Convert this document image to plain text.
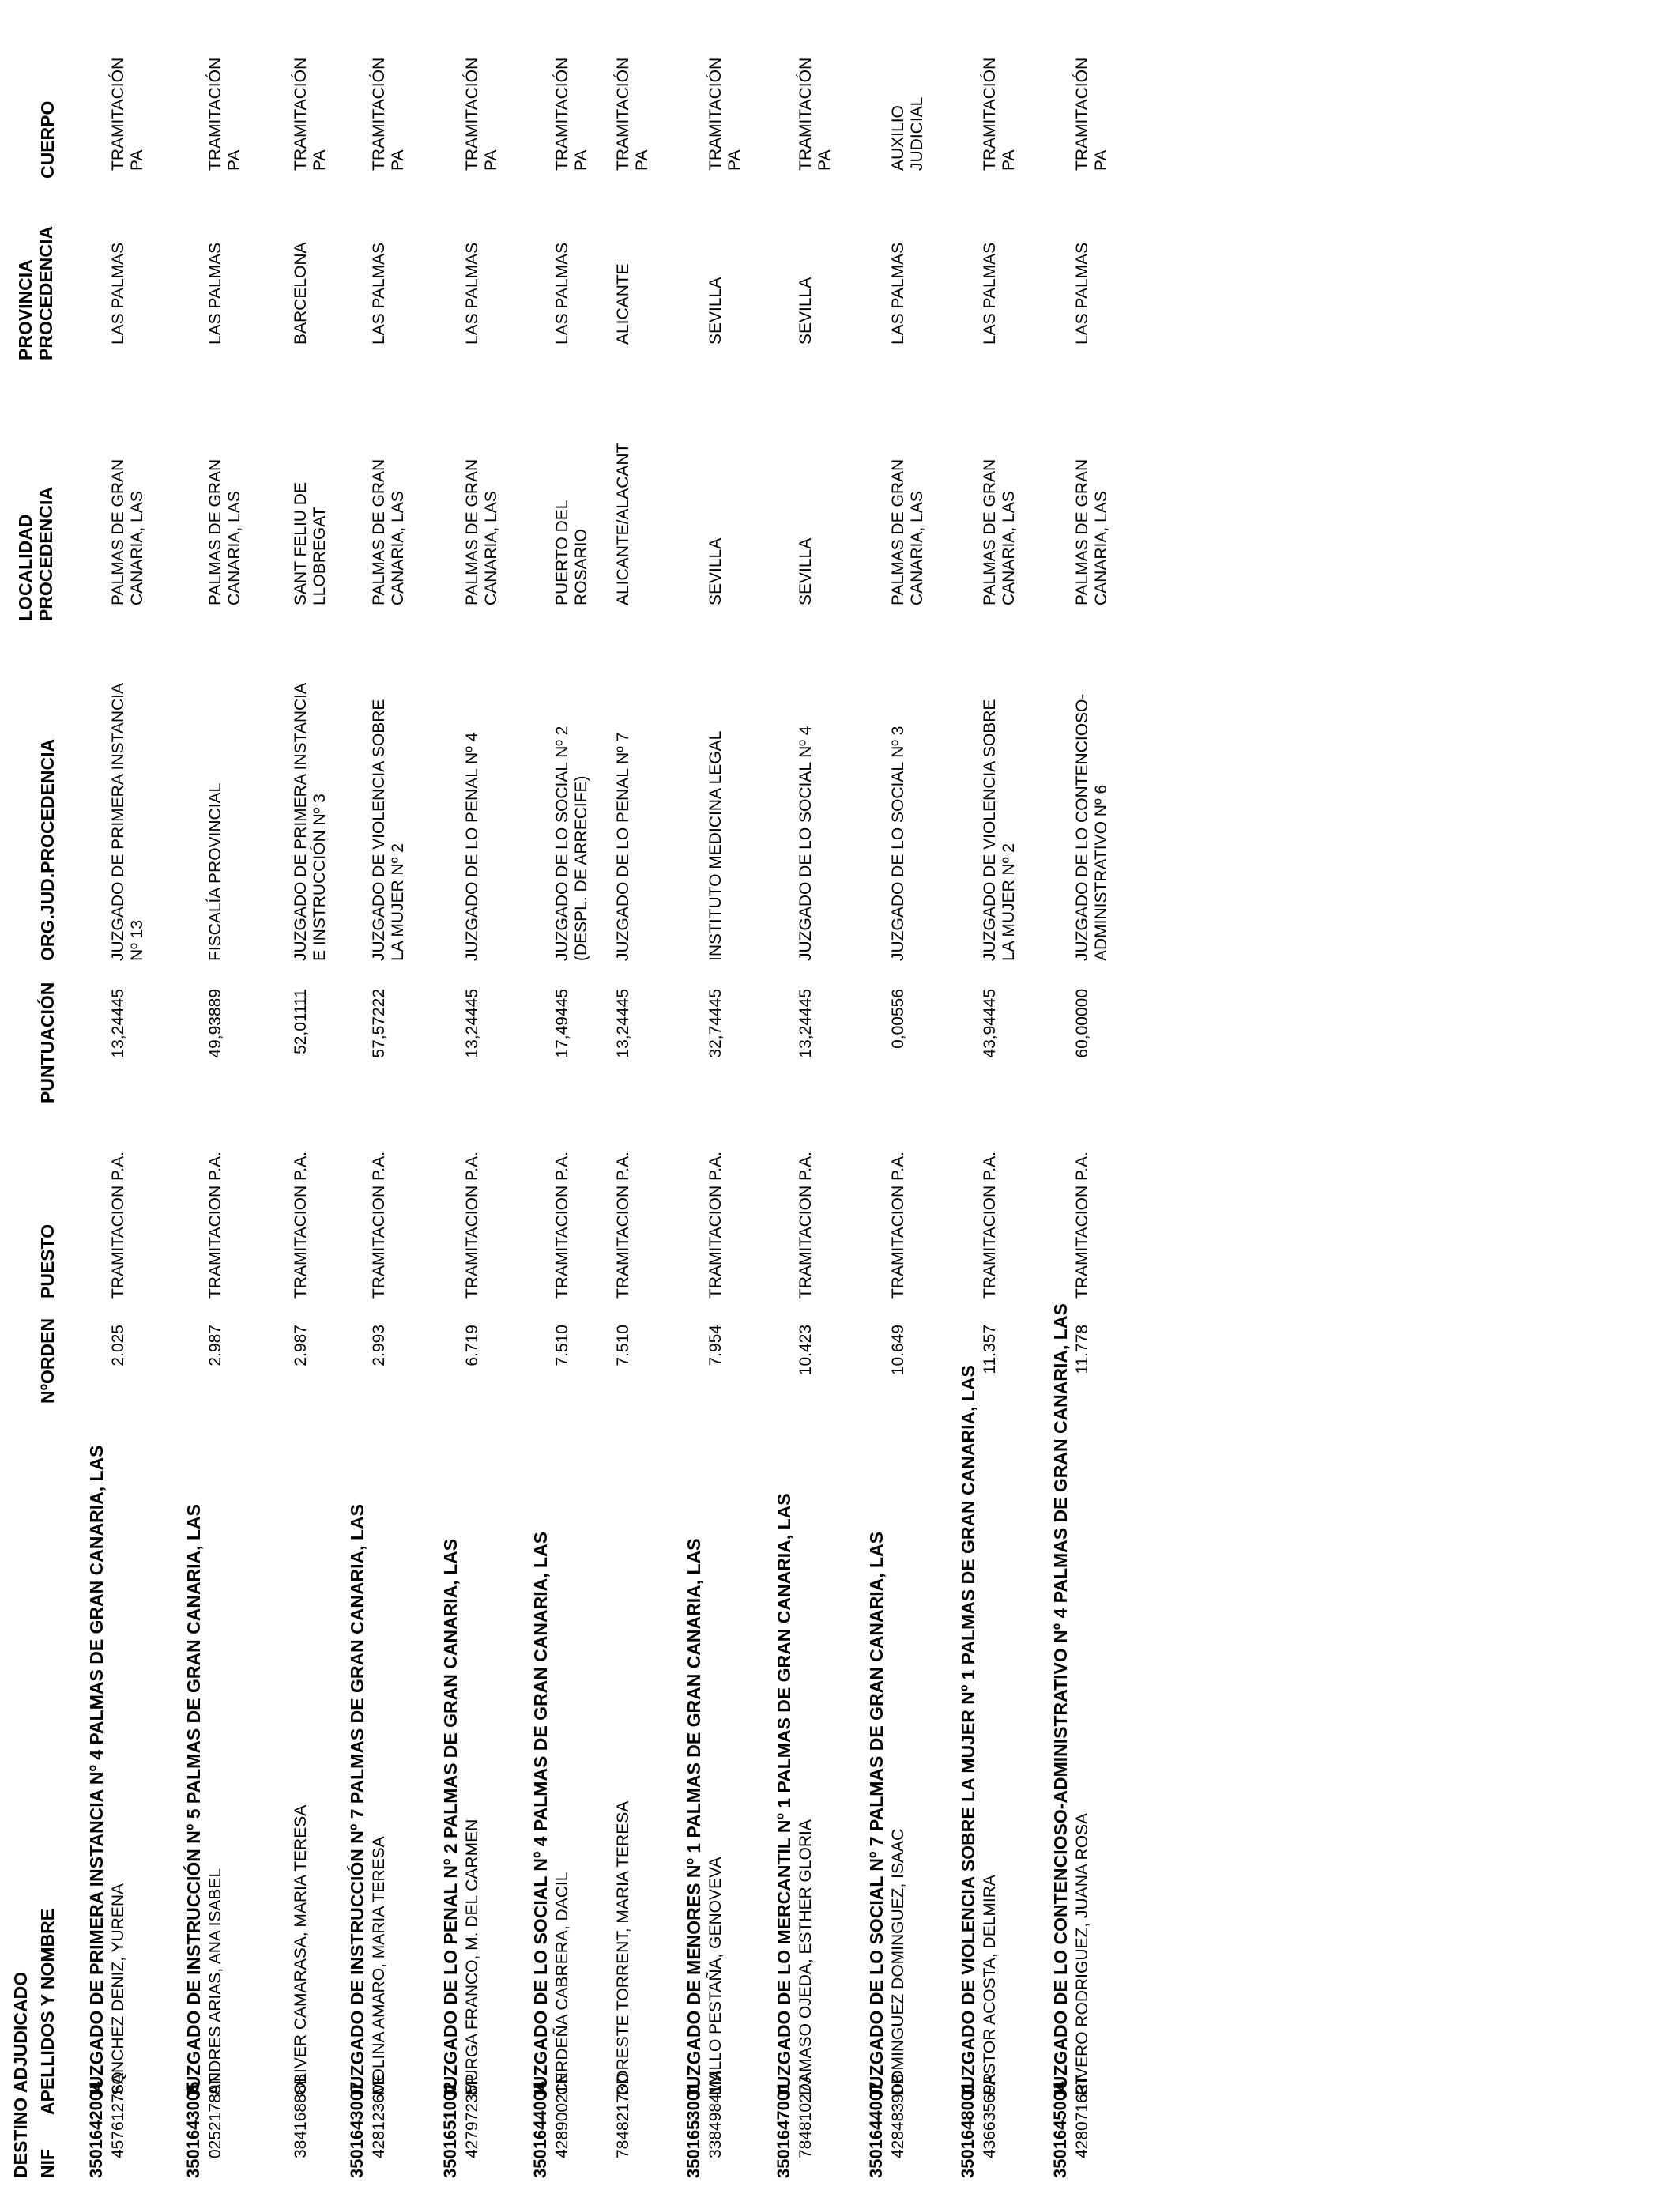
DESTINO ADJUDICADO NIF
APELLIDOS Y NOMBRE
NºORDEN
PUESTO
PUNTUACIÓN
ORG.JUD.PROCEDENCIA
LOCALIDAD PROCEDENCIA
PROVINCIA PROCEDENCIA
CUERPO
350164200​4
JUZGADO DE PRIMERA INSTANCIA Nº 4 PALMAS DE GRAN CANARIA, LAS
45761276Q
SANCHEZ DENIZ, YURENA
2.025
TRAMITACION P.A.
13,24445
JUZGADO DE PRIMERA INSTANCIA Nº 13
PALMAS DE GRAN CANARIA, LAS
LAS PALMAS
TRAMITACIÓN PA
3501643005
JUZGADO DE INSTRUCCIÓN Nº 5 PALMAS DE GRAN CANARIA, LAS
02521789T
ANDRES ARIAS, ANA ISABEL
2.987
TRAMITACION P.A.
49,93889
FISCALÍA PROVINCIAL
PALMAS DE GRAN CANARIA, LAS
LAS PALMAS
TRAMITACIÓN PA
38416888B
OLIVER CAMARASA, MARIA TERESA
2.987
TRAMITACION P.A.
52,01111
JUZGADO DE PRIMERA INSTANCIA E INSTRUCCIÓN Nº 3
SANT FELIU DE LLOBREGAT
BARCELONA
TRAMITACIÓN PA
3501643007
JUZGADO DE INSTRUCCIÓN Nº 7 PALMAS DE GRAN CANARIA, LAS
42812360E
MOLINA AMARO, MARIA TERESA
2.993
TRAMITACION P.A.
57,57222
JUZGADO DE VIOLENCIA SOBRE LA MUJER Nº 2
PALMAS DE GRAN CANARIA, LAS
LAS PALMAS
TRAMITACIÓN PA
3501651002
JUZGADO DE LO PENAL Nº 2 PALMAS DE GRAN CANARIA, LAS
42797235P
MURGA FRANCO, M. DEL CARMEN
6.719
TRAMITACION P.A.
13,24445
JUZGADO DE LO PENAL Nº 4
PALMAS DE GRAN CANARIA, LAS
LAS PALMAS
TRAMITACIÓN PA
3501644004
JUZGADO DE LO SOCIAL Nº 4 PALMAS DE GRAN CANARIA, LAS
42890021N
CERDEÑA CABRERA, DACIL
7.510
TRAMITACION P.A.
17,49445
JUZGADO DE LO SOCIAL Nº 2 (DESPL. DE ARRECIFE)
PUERTO DEL ROSARIO
LAS PALMAS
TRAMITACIÓN PA
78482173D
DORESTE TORRENT, MARIA TERESA
7.510
TRAMITACION P.A.
13,24445
JUZGADO DE LO PENAL Nº 7
ALICANTE/ALACANT
ALICANTE
TRAMITACIÓN PA
3501653001
JUZGADO DE MENORES Nº 1 PALMAS DE GRAN CANARIA, LAS
33849841M
MALLO PESTAÑA, GENOVEVA
7.954
TRAMITACION P.A.
32,74445
INSTITUTO MEDICINA LEGAL
SEVILLA
SEVILLA
TRAMITACIÓN PA
3501647001
JUZGADO DE LO MERCANTIL Nº 1 PALMAS DE GRAN CANARIA, LAS
78481027J
DAMASO OJEDA, ESTHER GLORIA
10.423
TRAMITACION P.A.
13,24445
JUZGADO DE LO SOCIAL Nº 4
SEVILLA
SEVILLA
TRAMITACIÓN PA
3501644007
JUZGADO DE LO SOCIAL Nº 7 PALMAS DE GRAN CANARIA, LAS
42848390B
DOMINGUEZ DOMINGUEZ, ISAAC
10.649
TRAMITACION P.A.
0,00556
JUZGADO DE LO SOCIAL Nº 3
PALMAS DE GRAN CANARIA, LAS
LAS PALMAS
AUXILIO JUDICIAL
3501648001
JUZGADO DE VIOLENCIA SOBRE LA MUJER Nº 1 PALMAS DE GRAN CANARIA, LAS
43663569R
PASTOR ACOSTA, DELMIRA
11.357
TRAMITACION P.A.
43,94445
JUZGADO DE VIOLENCIA SOBRE LA MUJER Nº 2
PALMAS DE GRAN CANARIA, LAS
LAS PALMAS
TRAMITACIÓN PA
3501645004
JUZGADO DE LO CONTENCIOSO-ADMINISTRATIVO Nº 4 PALMAS DE GRAN CANARIA, LAS
42807163T
RIVERO RODRIGUEZ, JUANA ROSA
11.778
TRAMITACION P.A.
60,00000
JUZGADO DE LO CONTENCIOSO-ADMINISTRATIVO Nº 6
PALMAS DE GRAN CANARIA, LAS
LAS PALMAS
TRAMITACIÓN PA
